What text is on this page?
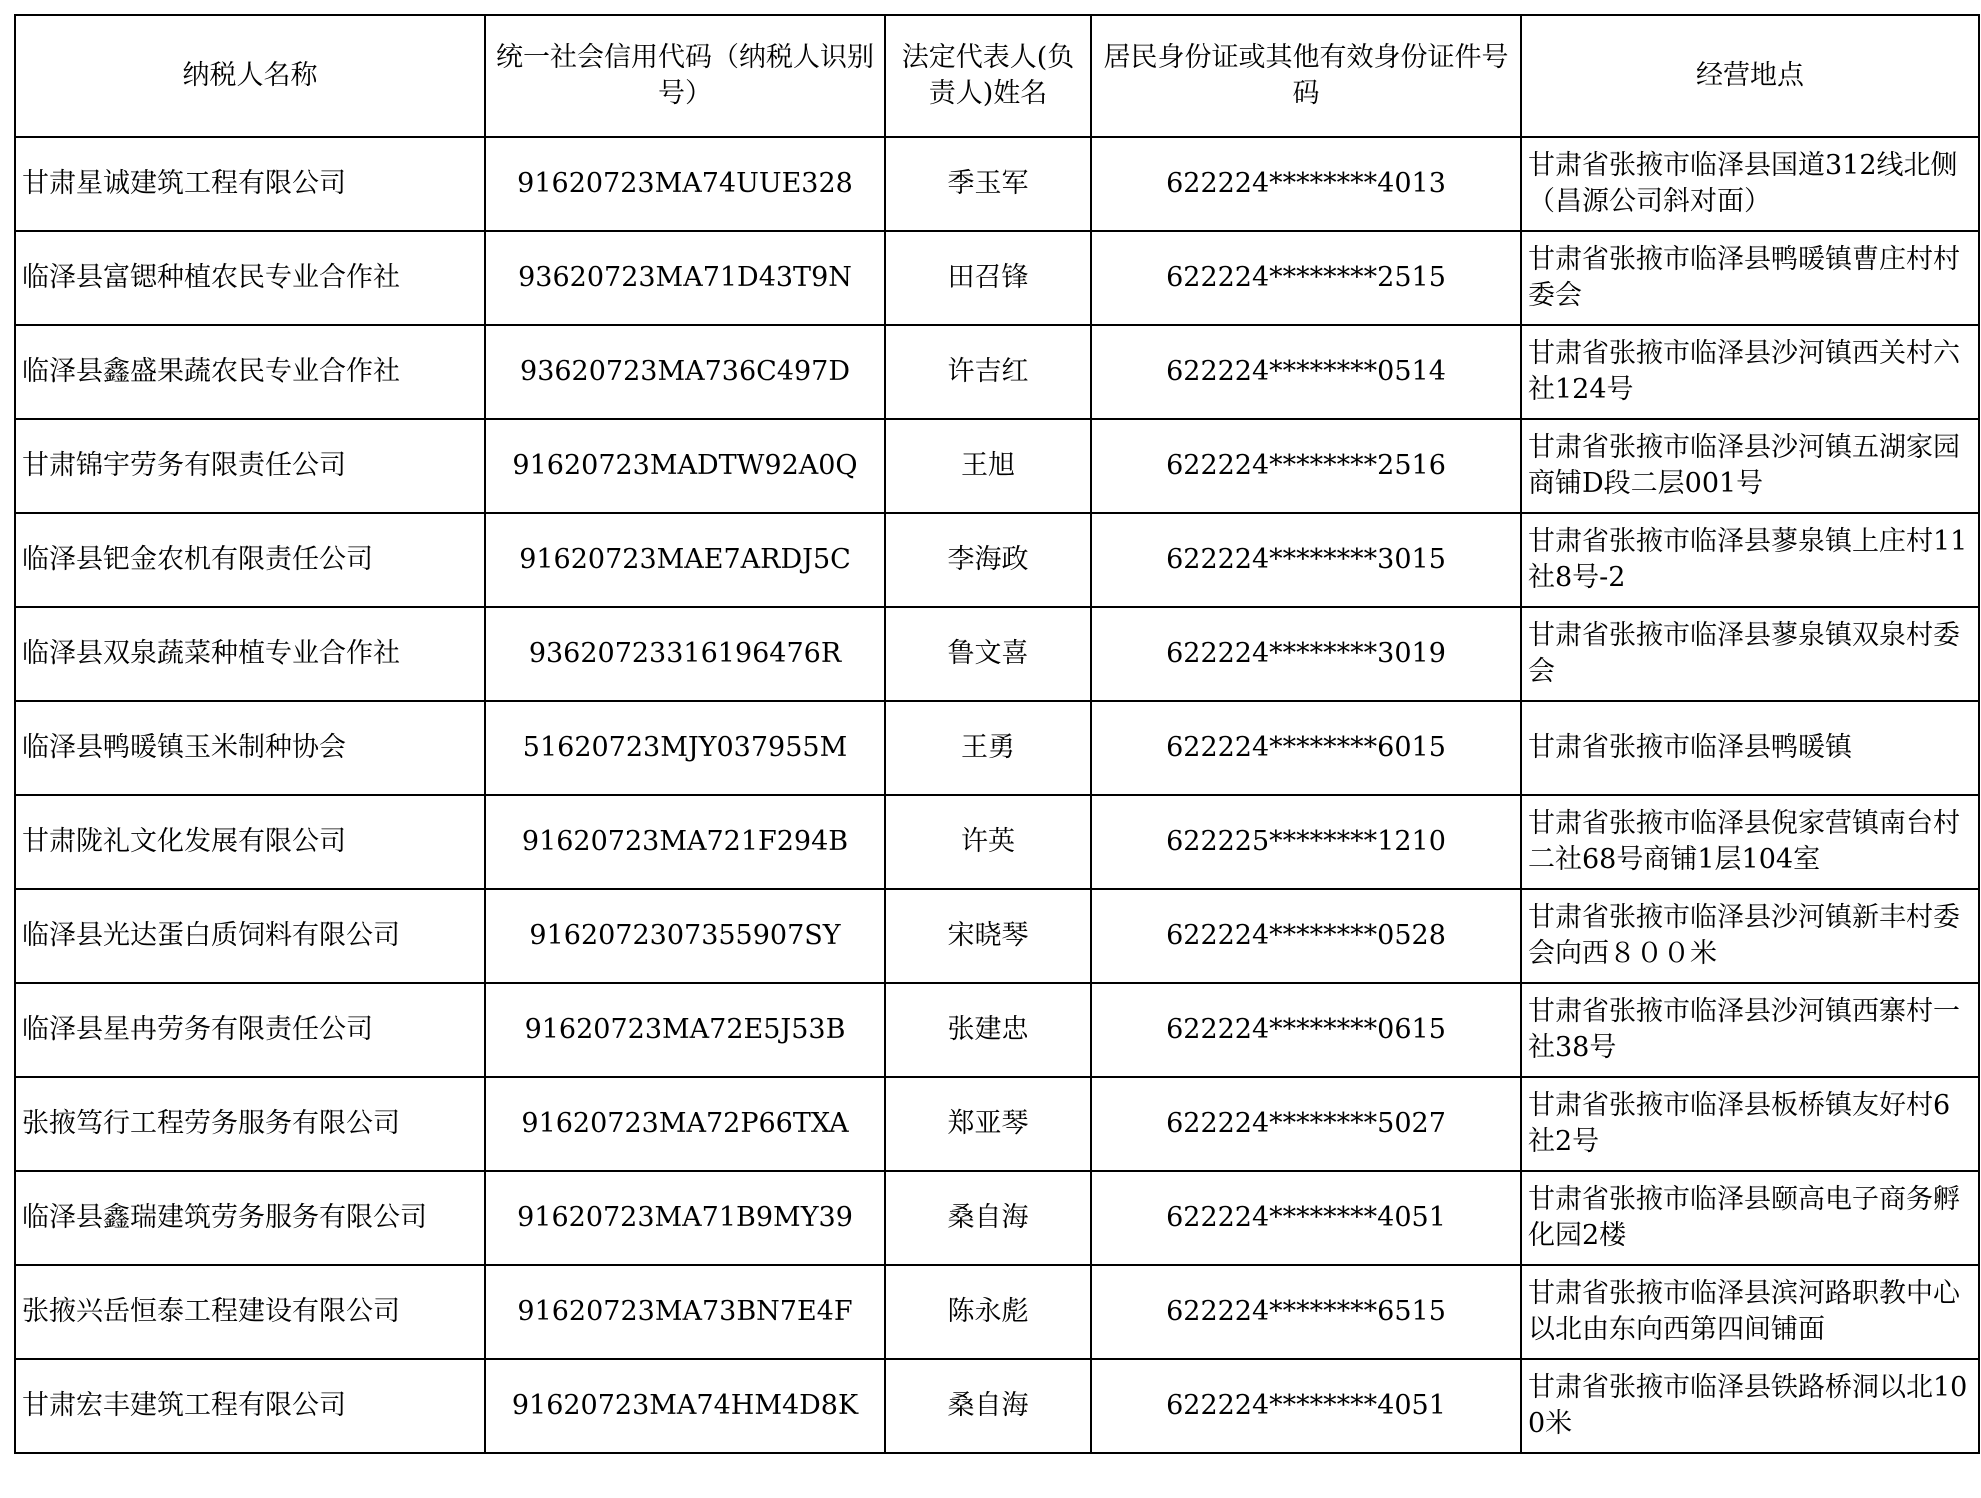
纳税人名称	统一社会信用代码（纳税人识别号）	法定代表人(负责人)姓名	居民身份证或其他有效身份证件号码	经营地点
甘肃星诚建筑工程有限公司	91620723MA74UUE328	季玉军	622224********4013	甘肃省张掖市临泽县国道312线北侧（昌源公司斜对面）
临泽县富锶种植农民专业合作社	93620723MA71D43T9N	田召锋	622224********2515	甘肃省张掖市临泽县鸭暖镇曹庄村村委会
临泽县鑫盛果蔬农民专业合作社	93620723MA736C497D	许吉红	622224********0514	甘肃省张掖市临泽县沙河镇西关村六社124号
甘肃锦宇劳务有限责任公司	91620723MADTW92A0Q	王旭	622224********2516	甘肃省张掖市临泽县沙河镇五湖家园商铺D段二层001号
临泽县钯金农机有限责任公司	91620723MAE7ARDJ5C	李海政	622224********3015	甘肃省张掖市临泽县蓼泉镇上庄村11社8号-2
临泽县双泉蔬菜种植专业合作社	93620723316196476R	鲁文喜	622224********3019	甘肃省张掖市临泽县蓼泉镇双泉村委会
临泽县鸭暖镇玉米制种协会	51620723MJY037955M	王勇	622224********6015	甘肃省张掖市临泽县鸭暖镇
甘肃陇礼文化发展有限公司	91620723MA721F294B	许英	622225********1210	甘肃省张掖市临泽县倪家营镇南台村二社68号商铺1层104室
临泽县光达蛋白质饲料有限公司	9162072307355907SY	宋晓琴	622224********0528	甘肃省张掖市临泽县沙河镇新丰村委会向西８００米
临泽县星冉劳务有限责任公司	91620723MA72E5J53B	张建忠	622224********0615	甘肃省张掖市临泽县沙河镇西寨村一社38号
张掖笃行工程劳务服务有限公司	91620723MA72P66TXA	郑亚琴	622224********5027	甘肃省张掖市临泽县板桥镇友好村6社2号
临泽县鑫瑞建筑劳务服务有限公司	91620723MA71B9MY39	桑自海	622224********4051	甘肃省张掖市临泽县颐高电子商务孵化园2楼
张掖兴岳恒泰工程建设有限公司	91620723MA73BN7E4F	陈永彪	622224********6515	甘肃省张掖市临泽县滨河路职教中心以北由东向西第四间铺面
甘肃宏丰建筑工程有限公司	91620723MA74HM4D8K	桑自海	622224********4051	甘肃省张掖市临泽县铁路桥洞以北100米
